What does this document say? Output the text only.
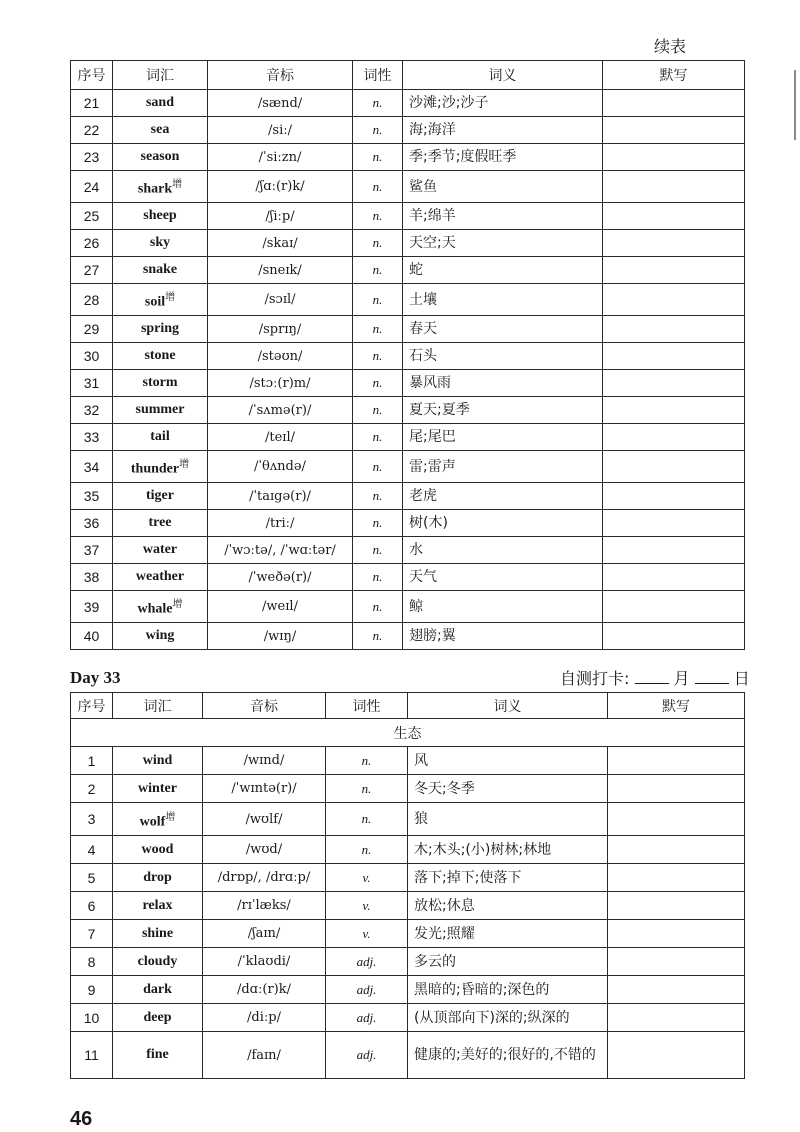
续表
序号	词汇	音标	词性	词义	默写
21	sand	/sænd/	n.	沙滩;沙;沙子	
22	sea	/siː/	n.	海;海洋	
23	season	/ˈsiːzn/	n.	季;季节;度假旺季	
24	shark$^增$	/ʃɑː(r)k/	n.	鲨鱼	
25	sheep	/ʃiːp/	n.	羊;绵羊	
26	sky	/skaɪ/	n.	天空;天	
27	snake	/sneɪk/	n.	蛇	
28	soil$^增$	/sɔɪl/	n.	土壤	
29	spring	/sprɪŋ/	n.	春天	
30	stone	/stəʊn/	n.	石头	
31	storm	/stɔː(r)m/	n.	暴风雨	
32	summer	/ˈsʌmə(r)/	n.	夏天;夏季	
33	tail	/teɪl/	n.	尾;尾巴	
34	thunder$^增$	/ˈθʌndə/	n.	雷;雷声	
35	tiger	/ˈtaɪgə(r)/	n.	老虎	
36	tree	/triː/	n.	树(木)	
37	water	/ˈwɔːtə/, /ˈwɑːtər/	n.	水	
38	weather	/ˈweðə(r)/	n.	天气	
39	whale$^增$	/weɪl/	n.	鲸	
40	wing	/wɪŋ/	n.	翅膀;翼	
Day 33	自测打卡:	月	日
序号	词汇	音标	词性	词义	默写
生态					
1	wind	/wɪnd/	n.	风	
2	winter	/ˈwɪntə(r)/	n.	冬天;冬季	
3	wolf$^增$	/wʊlf/	n.	狼	
4	wood	/wʊd/	n.	木;木头;(小)树林;林地	
5	drop	/drɒp/, /drɑːp/	v.	落下;掉下;使落下	
6	relax	/rɪˈlæks/	v.	放松;休息	
7	shine	/ʃaɪn/	v.	发光;照耀	
8	cloudy	/ˈklaʊdi/	adj.	多云的	
9	dark	/dɑː(r)k/	adj.	黑暗的;昏暗的;深色的	
10	deep	/diːp/	adj.	(从顶部向下)深的;纵深的	
11	fine	/faɪn/	adj.	健康的;美好的;很好的,不错的	
46
